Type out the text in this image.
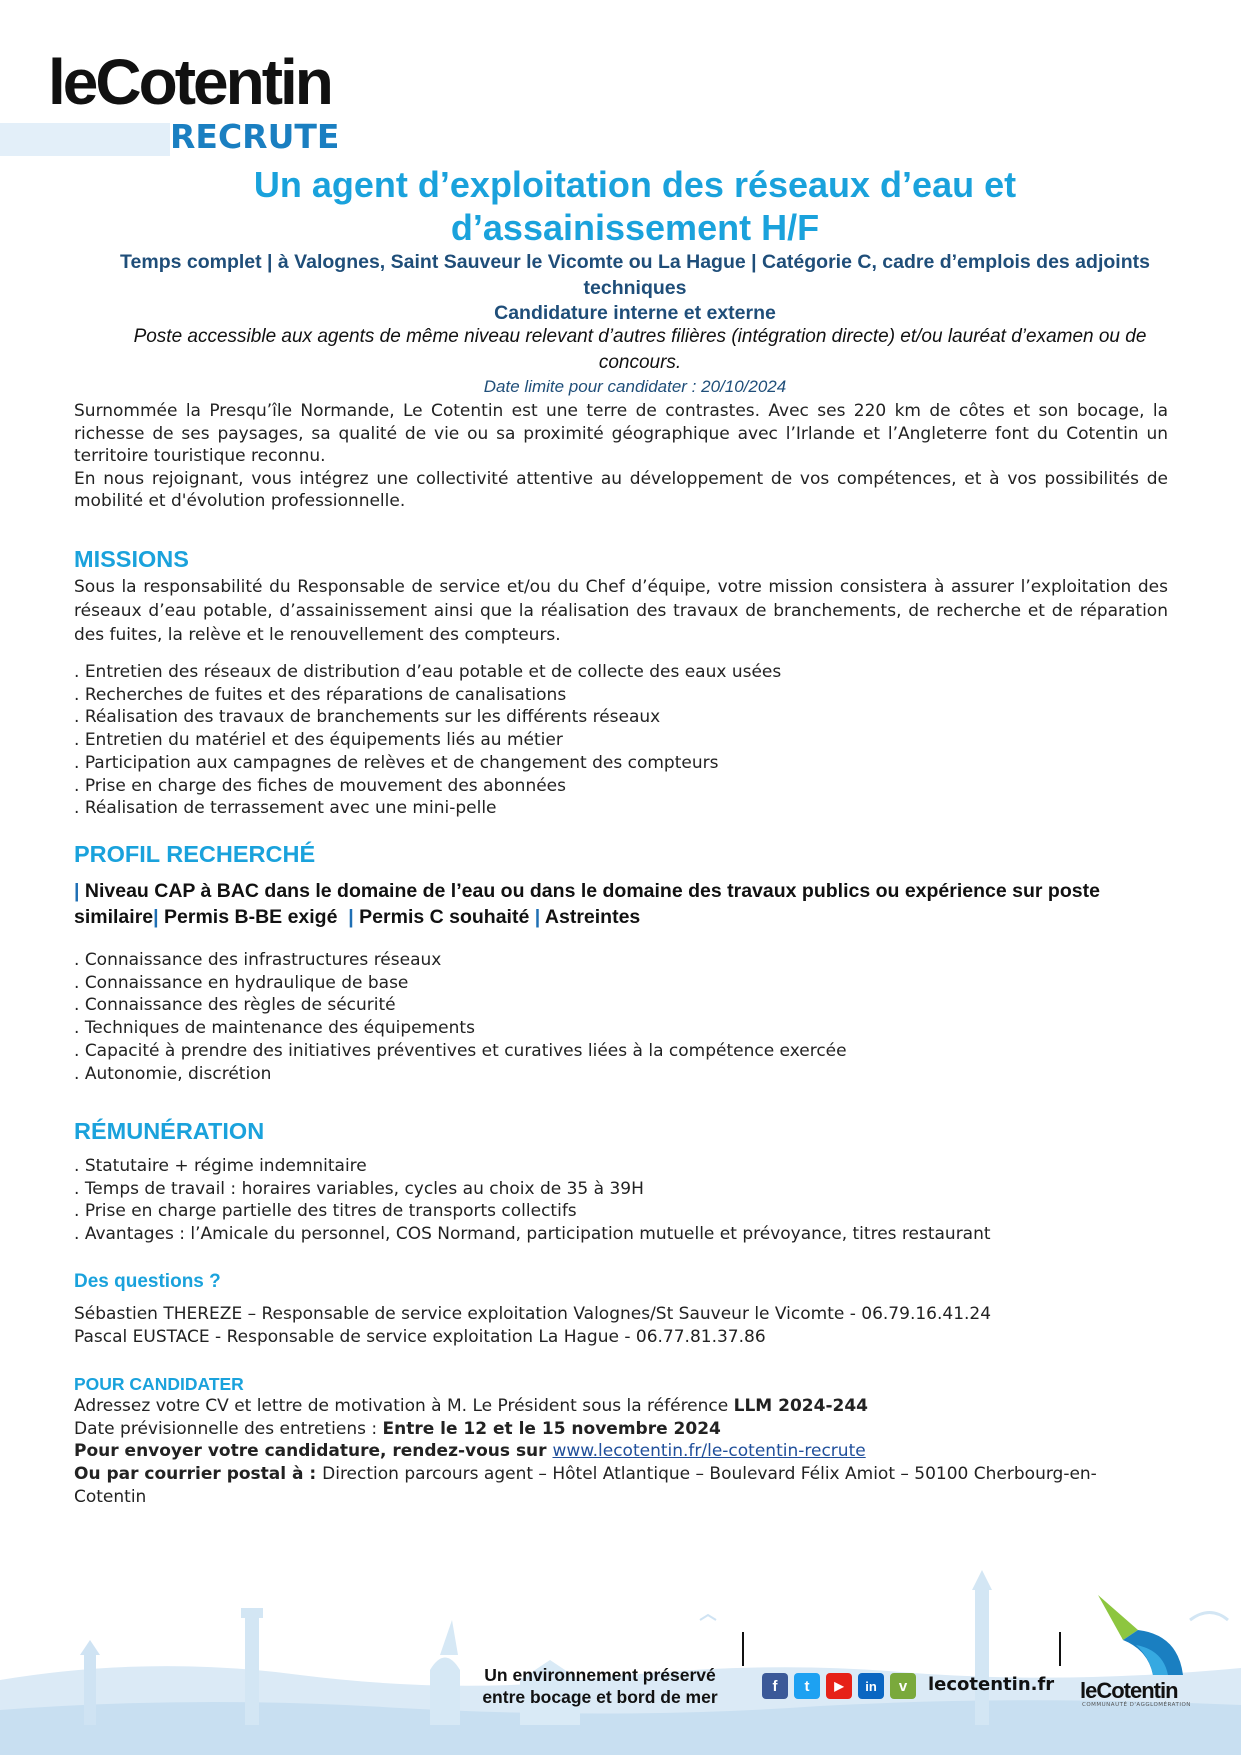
leCotentin
RECRUTE
Un agent d’exploitation des réseaux d’eau et
d’assainissement H/F
Temps complet | à Valognes, Saint Sauveur le Vicomte ou La Hague | Catégorie C, cadre d’emplois des adjoints techniques
Candidature interne et externe
Poste accessible aux agents de même niveau relevant d’autres filières (intégration directe) et/ou lauréat d’examen ou de concours.
Date limite pour candidater : 20/10/2024

Surnommée la Presqu’île Normande, Le Cotentin est une terre de contrastes. Avec ses 220 km de côtes et son bocage, la richesse de ses paysages, sa qualité de vie ou sa proximité géographique avec l’Irlande et l’Angleterre font du Cotentin un territoire touristique reconnu.

En nous rejoignant, vous intégrez une collectivité attentive au développement de vos compétences, et à vos possibilités de mobilité et d'évolution professionnelle.

MISSIONS

Sous la responsabilité du Responsable de service et/ou du Chef d’équipe, votre mission consistera à assurer l’exploitation des réseaux d’eau potable, d’assainissement ainsi que la réalisation des travaux de branchements, de recherche et de réparation des fuites, la relève et le renouvellement des compteurs.

. Entretien des réseaux de distribution d’eau potable et de collecte des eaux usées
. Recherches de fuites et des réparations de canalisations
. Réalisation des travaux de branchements sur les différents réseaux
. Entretien du matériel et des équipements liés au métier
. Participation aux campagnes de relèves et de changement des compteurs
. Prise en charge des fiches de mouvement des abonnées
. Réalisation de terrassement avec une mini-pelle
PROFIL RECHERCHÉ
| Niveau CAP à BAC dans le domaine de l’eau ou dans le domaine des travaux publics ou expérience sur poste similaire| Permis B-BE exigé | Permis C souhaité | Astreintes
. Connaissance des infrastructures réseaux
. Connaissance en hydraulique de base
. Connaissance des règles de sécurité
. Techniques de maintenance des équipements
. Capacité à prendre des initiatives préventives et curatives liées à la compétence exercée
. Autonomie, discrétion
RÉMUNÉRATION
. Statutaire + régime indemnitaire
. Temps de travail : horaires variables, cycles au choix de 35 à 39H
. Prise en charge partielle des titres de transports collectifs
. Avantages : l’Amicale du personnel, COS Normand, participation mutuelle et prévoyance, titres restaurant
Des questions ?
Sébastien THEREZE – Responsable de service exploitation Valognes/St Sauveur le Vicomte - 06.79.16.41.24
Pascal EUSTACE - Responsable de service exploitation La Hague - 06.77.81.37.86
POUR CANDIDATER
Adressez votre CV et lettre de motivation à M. Le Président sous la référence LLM 2024-244
Date prévisionnelle des entretiens : Entre le 12 et le 15 novembre 2024
Pour envoyer votre candidature, rendez-vous sur www.lecotentin.fr/le-cotentin-recrute
Ou par courrier postal à : Direction parcours agent – Hôtel Atlantique – Boulevard Félix Amiot – 50100 Cherbourg-en-Cotentin
Un environnement préservé
entre bocage et bord de mer
f	t	▶	in	v	lecotentin.fr leCotentin
COMMUNAUTÉ D'AGGLOMÉRATION
